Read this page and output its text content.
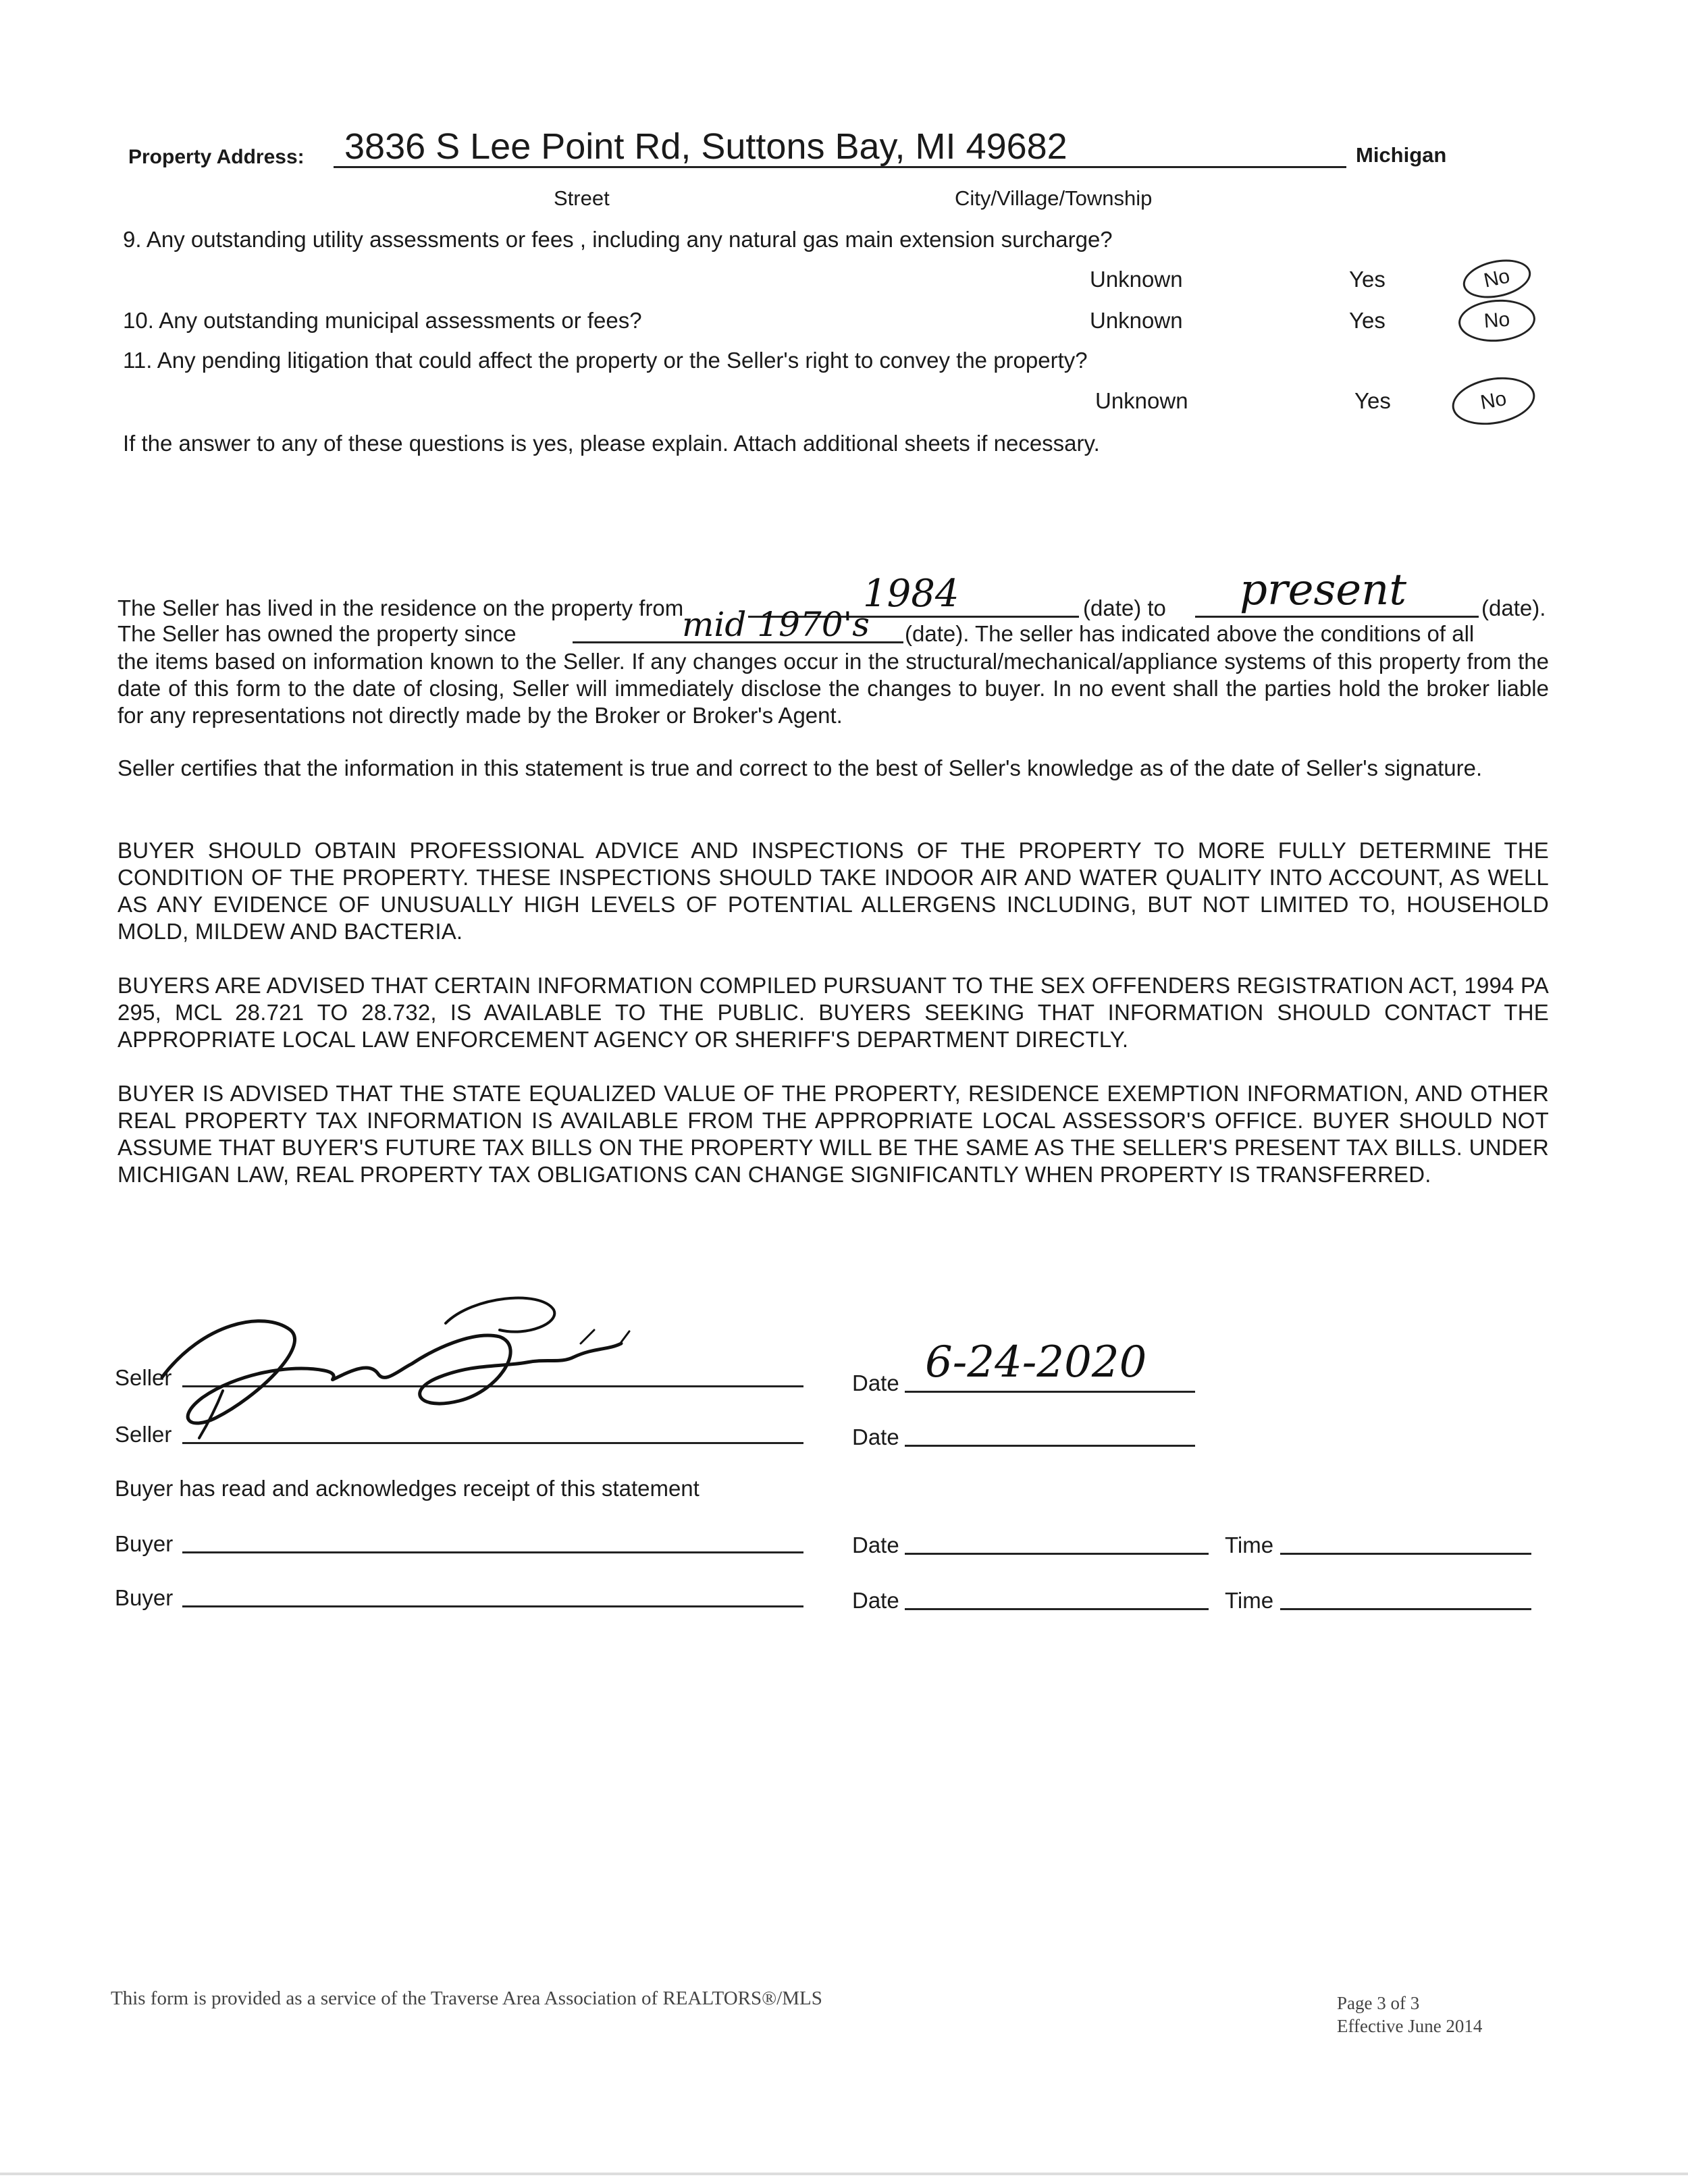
Property Address: 3836 S Lee Point Rd, Suttons Bay, MI 49682	Michigan
Street	City/Village/Township
9. Any outstanding utility assessments or fees , including any natural gas main extension surcharge?
Unknown	Yes	No
10. Any outstanding municipal assessments or fees?	Unknown	Yes	No
11. Any pending litigation that could affect the property or the Seller's right to convey the property?
Unknown	Yes	No
If the answer to any of these questions is yes, please explain. Attach additional sheets if necessary.
The Seller has lived in the residence on the property from	1984	(date) to present	(date).
The Seller has owned the property since	mid 1970's (date). The seller has indicated above the conditions of all
the items based on information known to the Seller. If any changes occur in the structural/mechanical/appliance systems of this property from the date of this form to the date of closing, Seller will immediately disclose the changes to buyer. In no event shall the parties hold the broker liable for any representations not directly made by the Broker or Broker's Agent.
Seller certifies that the information in this statement is true and correct to the best of Seller's knowledge as of the date of Seller's signature.
BUYER SHOULD OBTAIN PROFESSIONAL ADVICE AND INSPECTIONS OF THE PROPERTY TO MORE FULLY DETERMINE THE CONDITION OF THE PROPERTY. THESE INSPECTIONS SHOULD TAKE INDOOR AIR AND WATER QUALITY INTO ACCOUNT, AS WELL AS ANY EVIDENCE OF UNUSUALLY HIGH LEVELS OF POTENTIAL ALLERGENS INCLUDING, BUT NOT LIMITED TO, HOUSEHOLD MOLD, MILDEW AND BACTERIA.
BUYERS ARE ADVISED THAT CERTAIN INFORMATION COMPILED PURSUANT TO THE SEX OFFENDERS REGISTRATION ACT, 1994 PA 295, MCL 28.721 TO 28.732, IS AVAILABLE TO THE PUBLIC. BUYERS SEEKING THAT INFORMATION SHOULD CONTACT THE APPROPRIATE LOCAL LAW ENFORCEMENT AGENCY OR SHERIFF'S DEPARTMENT DIRECTLY.
BUYER IS ADVISED THAT THE STATE EQUALIZED VALUE OF THE PROPERTY, RESIDENCE EXEMPTION INFORMATION, AND OTHER REAL PROPERTY TAX INFORMATION IS AVAILABLE FROM THE APPROPRIATE LOCAL ASSESSOR'S OFFICE. BUYER SHOULD NOT ASSUME THAT BUYER'S FUTURE TAX BILLS ON THE PROPERTY WILL BE THE SAME AS THE SELLER'S PRESENT TAX BILLS. UNDER MICHIGAN LAW, REAL PROPERTY TAX OBLIGATIONS CAN CHANGE SIGNIFICANTLY WHEN PROPERTY IS TRANSFERRED.
Seller	Date 6-24-2020
Seller	Date
Buyer has read and acknowledges receipt of this statement
Buyer	Date	Time
Buyer	Date	Time
This form is provided as a service of the Traverse Area Association of REALTORS®/MLS	Page 3 of 3
Effective June 2014
